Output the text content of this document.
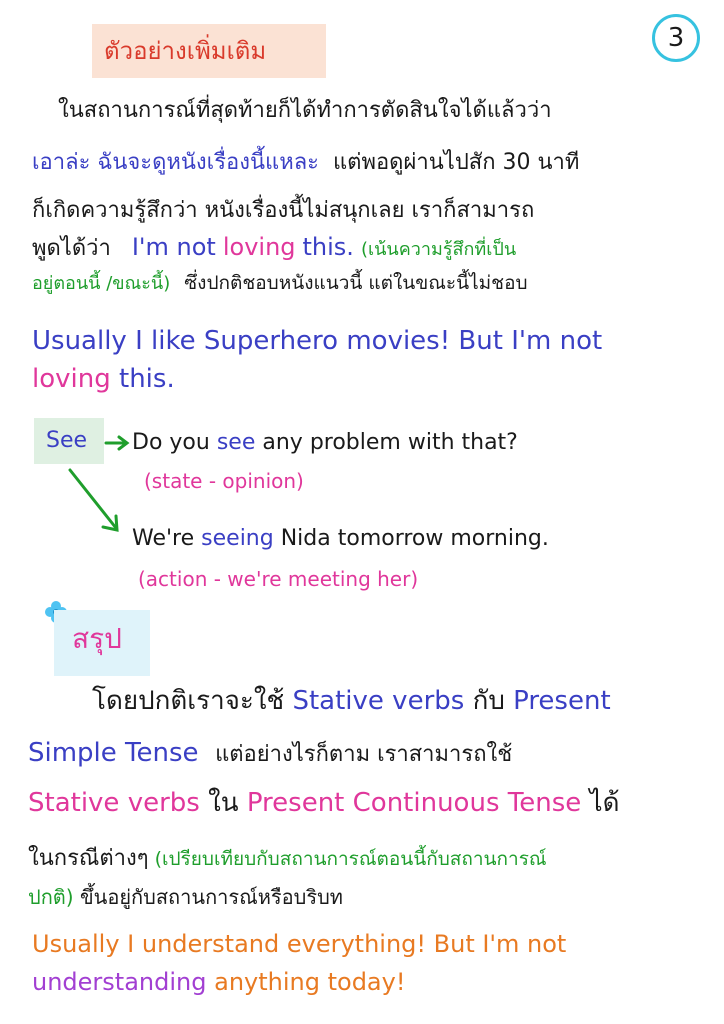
ตัวอย่างเพิ่มเติม	3
ในสถานการณ์ที่สุดท้ายก็ได้ทำการตัดสินใจได้แล้วว่า
เอาล่ะ ฉันจะดูหนังเรื่องนี้แหละ แต่พอดูผ่านไปสัก 30 นาที
ก็เกิดความรู้สึกว่า หนังเรื่องนี้ไม่สนุกเลย เราก็สามารถ
พูดได้ว่า I'm not loving this. (เน้นความรู้สึกที่เป็น
อยู่ตอนนี้ /ขณะนี้) ซึ่งปกติชอบหนังแนวนี้ แต่ในขณะนี้ไม่ชอบ
Usually I like Superhero movies! But I'm not
loving this.
See Do you see any problem with that?
(state - opinion)
We're seeing Nida tomorrow morning.
(action - we're meeting her)
สรุป
โดยปกติเราจะใช้ Stative verbs กับ Present
Simple Tense แต่อย่างไรก็ตาม เราสามารถใช้
Stative verbs ใน Present Continuous Tense ได้
ในกรณีต่างๆ (เปรียบเทียบกับสถานการณ์ตอนนี้กับสถานการณ์
ปกติ) ขึ้นอยู่กับสถานการณ์หรือบริบท
Usually I understand everything! But I'm not
understanding anything today!
